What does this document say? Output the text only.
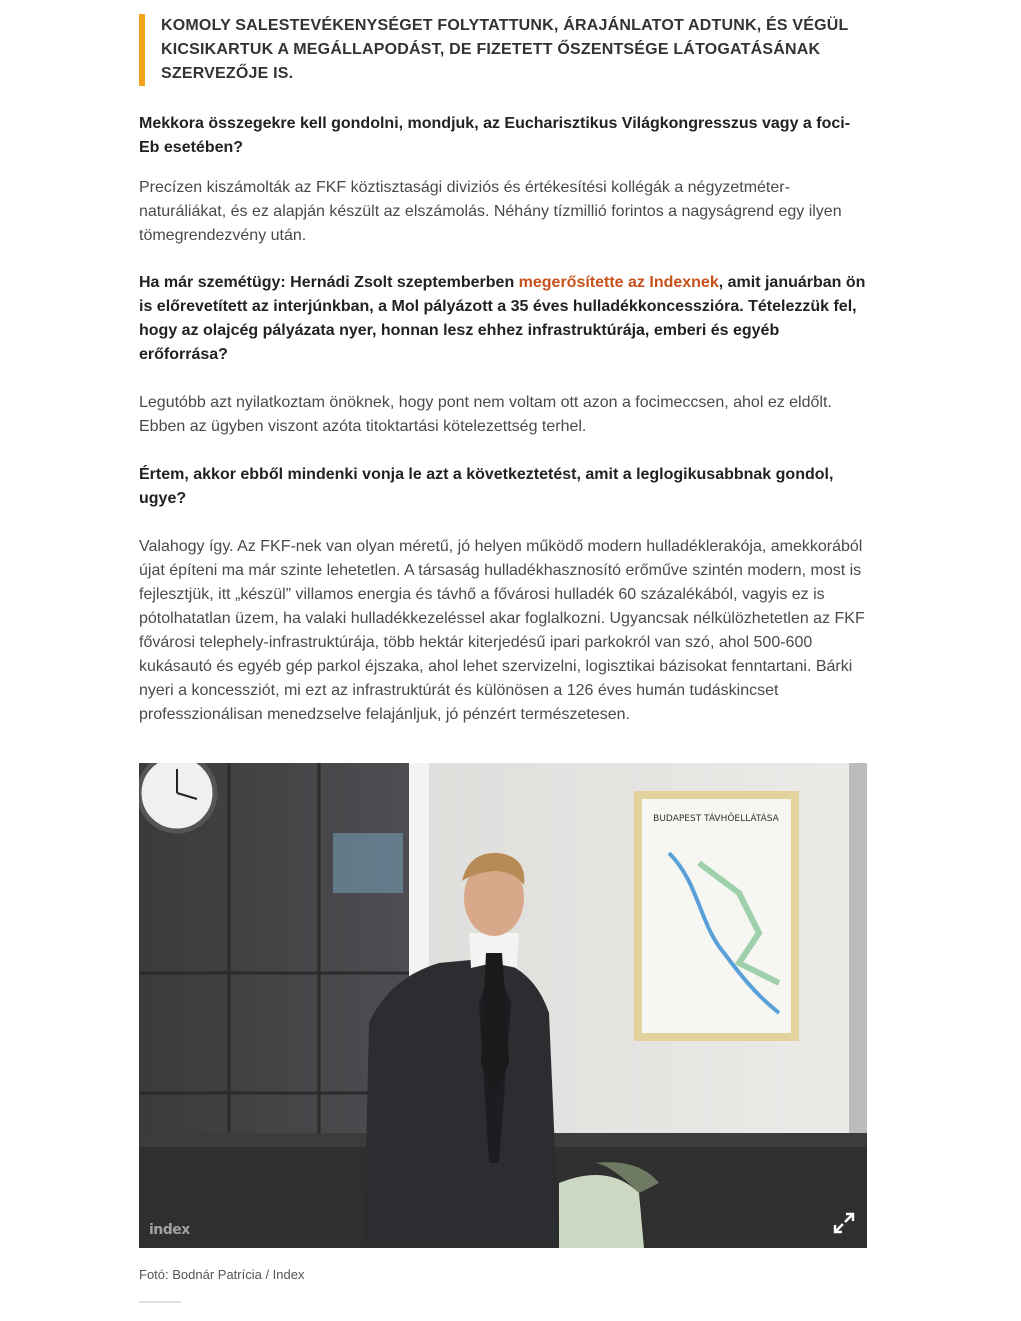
KOMOLY SALESTEVÉKENYSÉGET FOLYTATTUNK, ÁRAJÁNLATOT ADTUNK, ÉS VÉGÜL KICSIKARTUK A MEGÁLLAPODÁST, DE FIZETETT ŐSZENTSÉGE LÁTOGATÁSÁNAK SZERVEZŐJE IS.
Mekkora összegekre kell gondolni, mondjuk, az Eucharisztikus Világkongresszus vagy a foci-Eb esetében?
Precízen kiszámolták az FKF köztisztasági diviziós és értékesítési kollégák a négyzetméter-naturáliákat, és ez alapján készült az elszámolás. Néhány tízmillió forintos a nagyságrend egy ilyen tömegrendezvény után.
Ha már szemétügy: Hernádi Zsolt szeptemberben megerősítette az Indexnek, amit januárban ön is előrevetített az interjúnkban, a Mol pályázott a 35 éves hulladékkoncesszióra. Tételezzük fel, hogy az olajcég pályázata nyer, honnan lesz ehhez infrastruktúrája, emberi és egyéb erőforrása?
Legutóbb azt nyilatkoztam önöknek, hogy pont nem voltam ott azon a focimeccsen, ahol ez eldőlt. Ebben az ügyben viszont azóta titoktartási kötelezettség terhel.
Értem, akkor ebből mindenki vonja le azt a következtetést, amit a leglogikusabbnak gondol, ugye?
Valahogy így. Az FKF-nek van olyan méretű, jó helyen működő modern hulladéklerakója, amekkorából újat építeni ma már szinte lehetetlen. A társaság hulladékhasznosító erőműve szintén modern, most is fejlesztjük, itt „készül” villamos energia és távhő a fővárosi hulladék 60 százalékából, vagyis ez is pótolhatatlan üzem, ha valaki hulladékkezeléssel akar foglalkozni. Ugyancsak nélkülözhetetlen az FKF fővárosi telephely-infrastruktúrája, több hektár kiterjedésű ipari parkokról van szó, ahol 500-600 kukásautó és egyéb gép parkol éjszaka, ahol lehet szervizelni, logisztikai bázisokat fenntartani. Bárki nyeri a koncessziót, mi ezt az infrastruktúrát és különösen a 126 éves humán tudáskincset professzionálisan menedzselve felajánljuk, jó pénzért természetesen.
BUDAPEST TÁVHŐELLÁTÁSA
index
Fotó: Bodnár Patrícia / Index
